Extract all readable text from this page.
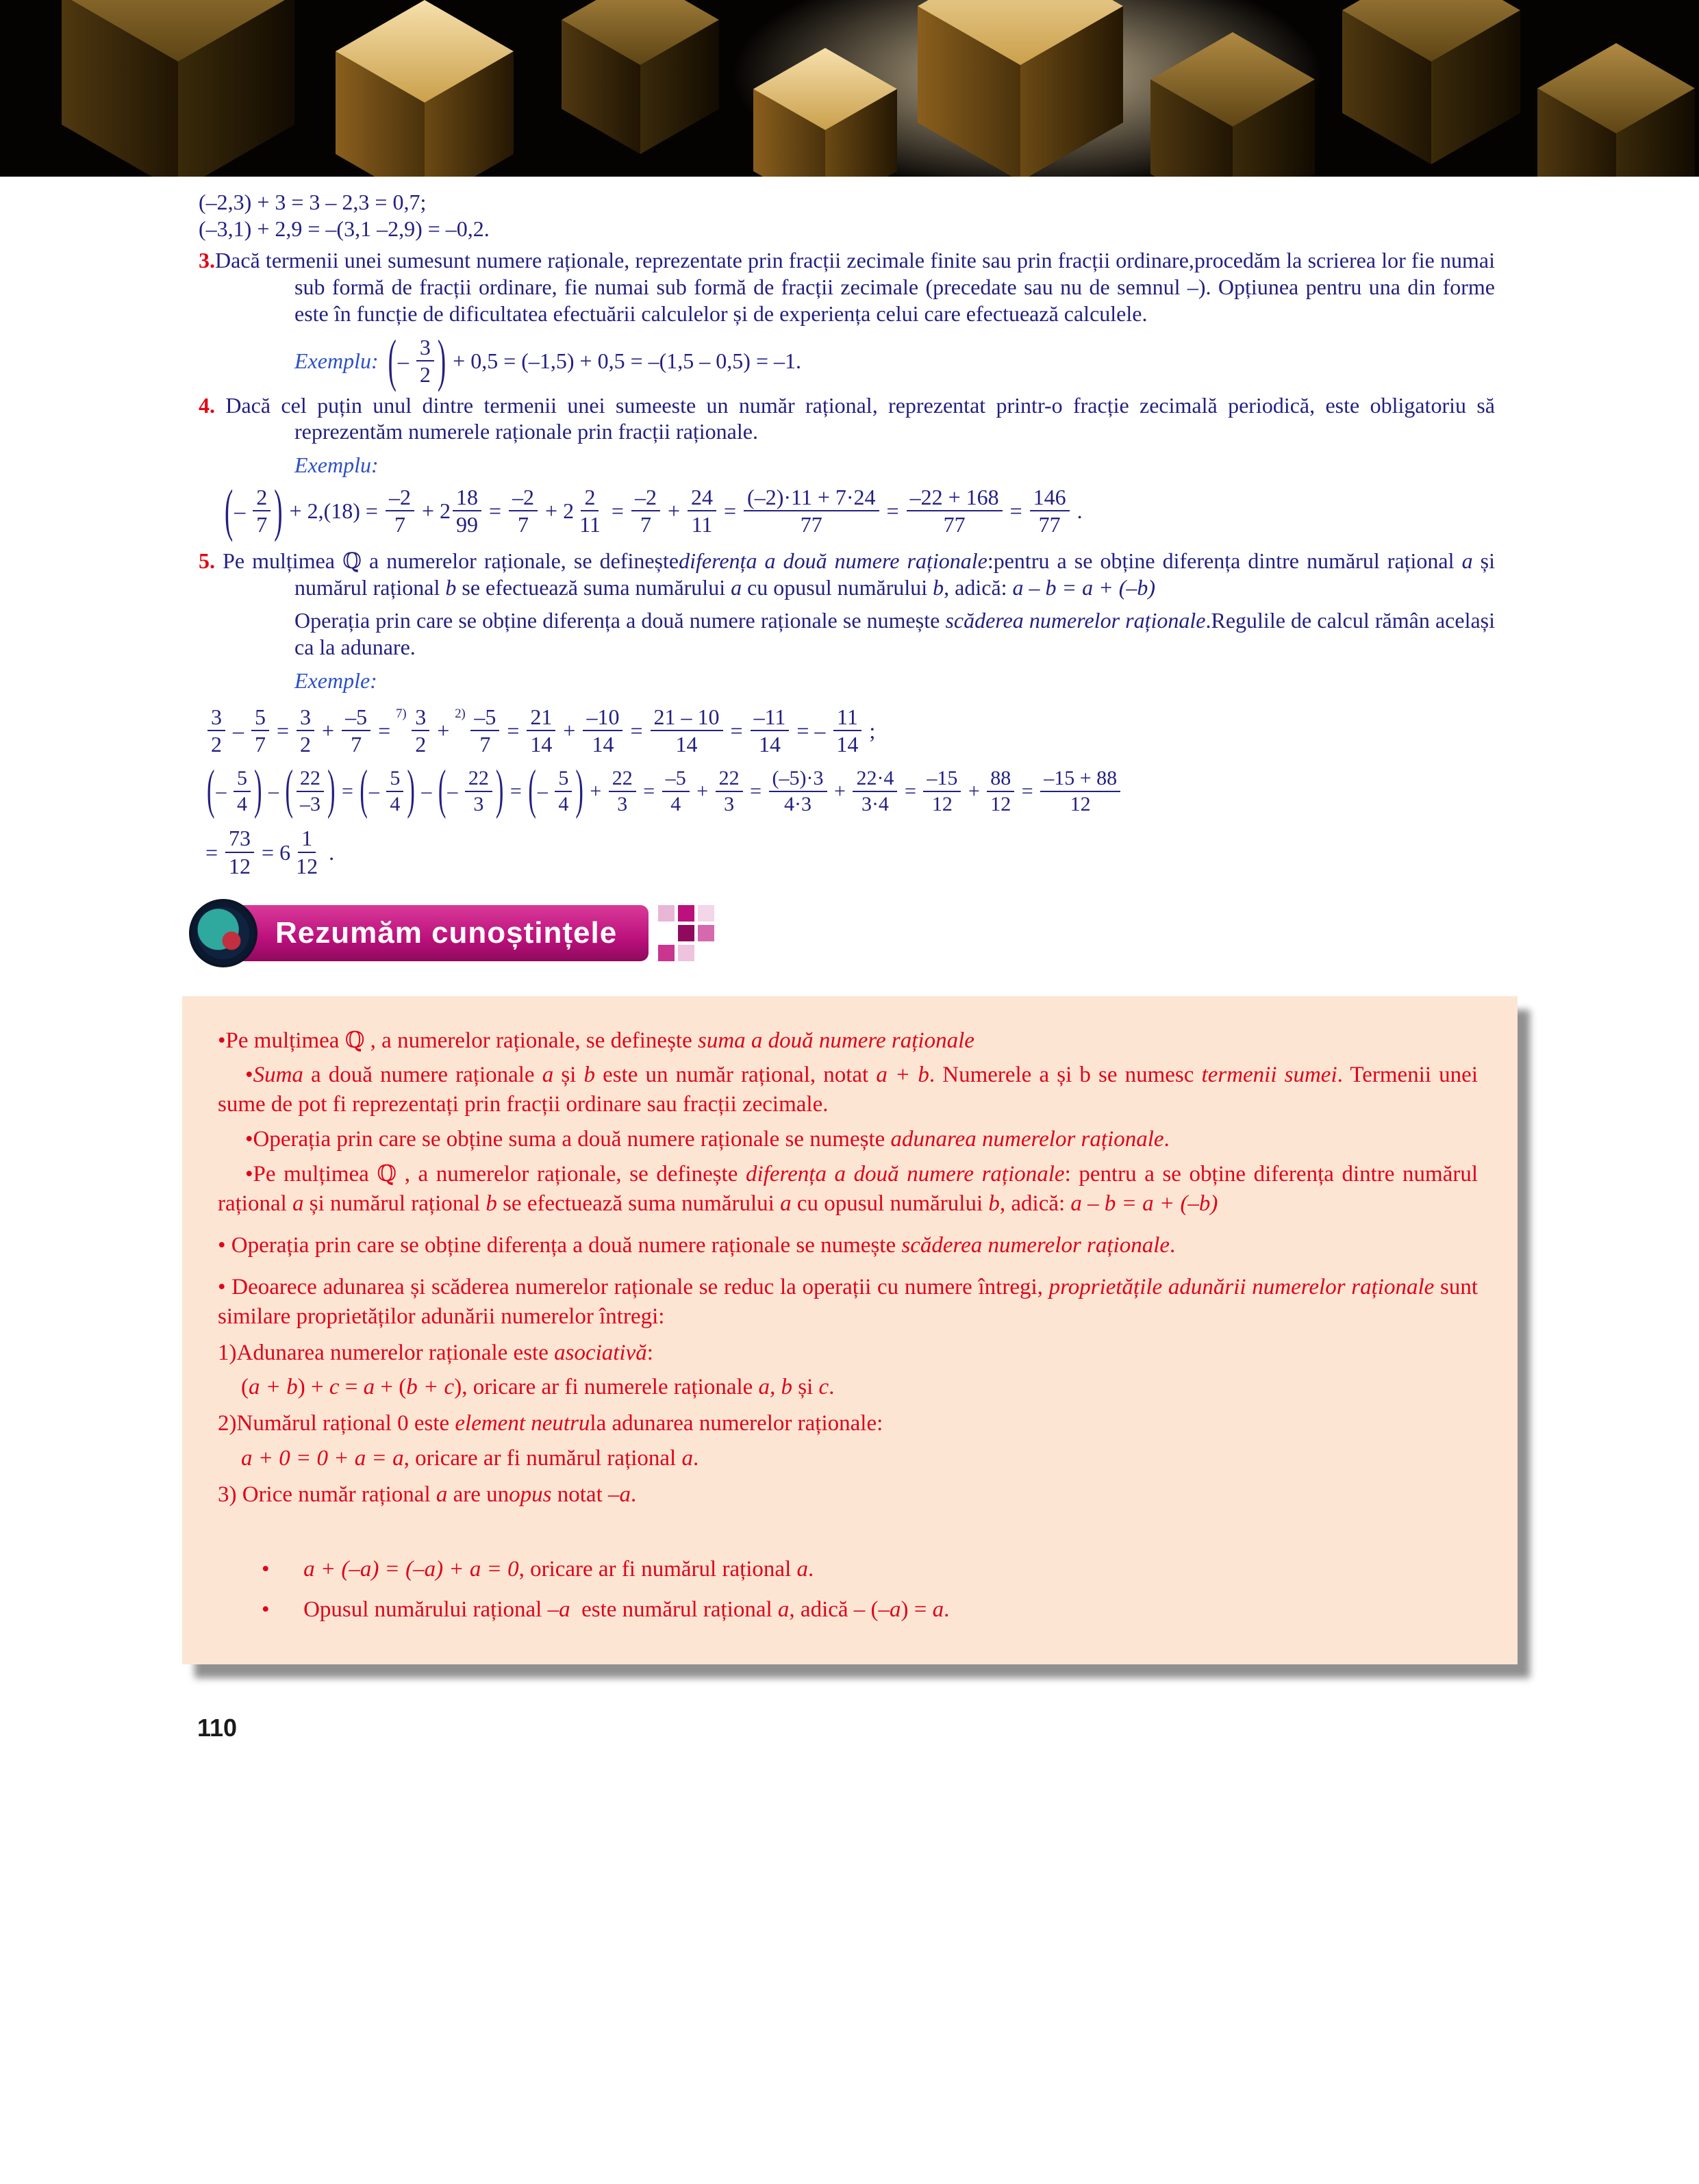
(–2,3) + 3 = 3 – 2,3 = 0,7;

(–3,1) + 2,9 = –(3,1 –2,9) = –0,2.

3.Dacă termenii unei sumesunt numere raționale, reprezentate prin fracții zecimale finite sau prin fracții ordinare,procedăm la scrierea lor fie numai sub formă de fracții ordinare, fie numai sub formă de fracții zecimale (precedate sau nu de semnul –). Opțiunea pentru una din forme este în funcție de dificultatea efectuării calculelor și de experiența celui care efectuează calculele.

Exemplu: ( – $\frac{3}{2}$ ) + 0,5 = (–1,5) + 0,5 = –(1,5 – 0,5) = –1.

4. Dacă cel puțin unul dintre termenii unei sumeeste un număr rațional, reprezentat printr-o fracție zecimală periodică, este obligatoriu să reprezentăm numerele raționale prin fracții raționale.

Exemplu:

( – $\frac{2}{7}$ ) + $2,(18) = \frac{-2}{7} + 2 \frac{18}{99} = \frac{-2}{7} + 2 \frac{2}{11} = \frac{-2}{7} + \frac{24}{11} = \frac{(-2)\cdot 11 + 7\cdot 24}{77} = \frac{-22 + 168}{77} = \frac{146}{77}$ .

5. Pe mulțimea ℚ a numerelor raționale, se defineștediferența a două numere raționale:pentru a se obține diferența dintre numărul rațional a și numărul rațional b se efectuează suma numărului a cu opusul numărului b, adică: a – b = a + (–b)

Operația prin care se obține diferența a două numere raționale se numește scăderea numerelor raționale.Regulile de calcul rămân același ca la adunare.

Exemple:

$\frac{3}{2} - \frac{5}{7} = \frac{3}{2} + \frac{-5}{7}$ =
$^{7)} \frac{3}{2}$ +
$^{2)} \frac{-5}{7} = \frac{21}{14} + \frac{-10}{14} = \frac{21 - 10}{14} = \frac{-11}{14}$ = – $\frac{11}{14}$ ;
( – $\frac{5}{4}$ ) – ( $\frac{22}{-3}$ ) = ( – $\frac{5}{4}$ ) – ( – $\frac{22}{3}$ ) = ( – $\frac{5}{4}$ ) + $\frac{22}{3} = \frac{-5}{4} + \frac{22}{3} = \frac{(-5)\cdot 3}{4\cdot 3} + \frac{22\cdot 4}{3\cdot 4} = \frac{-15}{12} + \frac{88}{12} = \frac{-15 + 88}{12}$
= $\frac{73}{12} = 6 \frac{1}{12}$ .
Rezumăm cunoștințele

•Pe mulțimea ℚ , a numerelor raționale, se definește suma a două numere raționale

•Suma a două numere raționale a și b este un număr rațional, notat a + b. Numerele a și b se numesc termenii sumei. Termenii unei sume de pot fi reprezentați prin fracții ordinare sau fracții zecimale.

•Operația prin care se obține suma a două numere raționale se numește adunarea numerelor raționale.

•Pe mulțimea ℚ , a numerelor raționale, se definește diferența a două numere raționale: pentru a se obține diferența dintre numărul rațional a și numărul rațional b se efectuează suma numărului a cu opusul numărului b, adică: a – b = a + (–b)

• Operația prin care se obține diferența a două numere raționale se numește scăderea numerelor raționale.

• Deoarece adunarea și scăderea numerelor raționale se reduc la operații cu numere întregi, proprietățile adunării numerelor raționale sunt similare proprietăților adunării numerelor întregi:

1)Adunarea numerelor raționale este asociativă:

(a + b) + c = a + (b + c), oricare ar fi numerele raționale a, b și c.

2)Numărul rațional 0 este element neutrula adunarea numerelor raționale:

a + 0 = 0 + a = a, oricare ar fi numărul rațional a.

3) Orice număr rațional a are unopus notat –a.

•      a + (–a) = (–a) + a = 0, oricare ar fi numărul rațional a.

•      Opusul numărului rațional –a  este numărul rațional a, adică – (–a) = a.

110
